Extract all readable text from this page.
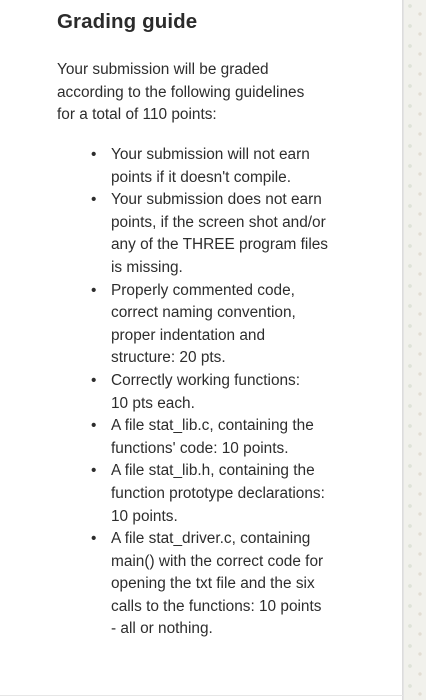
Grading guide

Your submission will be graded
according to the following guidelines
for a total of 110 points:

• Your submission will not earn
points if it doesn't compile.
• Your submission does not earn
points, if the screen shot and/or
any of the THREE program files
is missing.
• Properly commented code,
correct naming convention,
proper indentation and
structure: 20 pts.
• Correctly working functions:
10 pts each.
• A file stat_lib.c, containing the
functions' code: 10 points.
• A file stat_lib.h, containing the
function prototype declarations:
10 points.
• A file stat_driver.c, containing
main() with the correct code for
opening the txt file and the six
calls to the functions: 10 points
- all or nothing.
